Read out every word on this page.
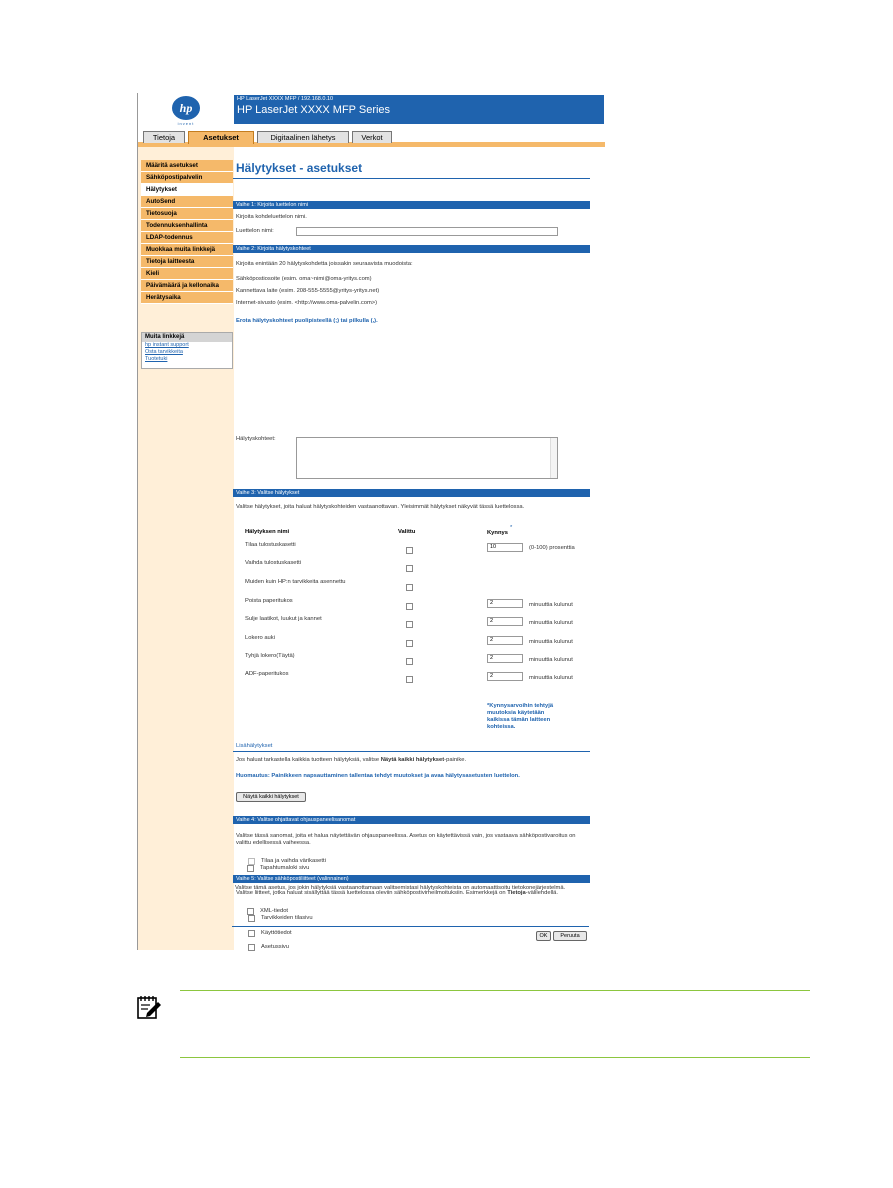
hp
invent
HP LaserJet XXXX MFP / 192.168.0.10
HP LaserJet XXXX MFP Series
Tietoja	Asetukset	Digitaalinen lähetys	Verkot
Määritä asetukset
Sähköpostipalvelin
Hälytykset
AutoSend
Tietosuoja
Todennuksenhallinta
LDAP-todennus
Muokkaa muita linkkejä
Tietoja laitteesta
Kieli
Päivämäärä ja kellonaika
Herätysaika
Muita linkkejä
hp instant support
Osta tarvikkeita
Tuotetuki
Hälytykset - asetukset
Vaihe 1: Kirjoita luettelon nimi
Kirjoita kohdeluettelon nimi.
Luettelon nimi:
Vaihe 2: Kirjoita hälytyskohteet
Kirjoita enintään 20 hälytyskohdetta joissakin seuraavista muodoista:
Sähköpostiosoite (esim. oma~nimi@oma-yritys.com)
Kannettava laite (esim. 208-555-5555@yritys-yritys.net)
Internet-sivusto (esim. <http://www.oma-palvelin.com>)
Erota hälytyskohteet puolipisteellä (;) tai pilkulla (,).
Hälytyskohteet:
Vaihe 3: Valitse hälytykset
Valitse hälytykset, joita haluat hälytyskohteiden vastaanottavan. Yleisimmät hälytykset näkyvät tässä luettelossa.
Hälytyksen nimi	Valittu	Kynnys
*
Tilaa tulostuskasetti	10	(0-100) prosenttia
Vaihda tulostuskasetti
Muiden kuin HP:n tarvikkeita asennettu
Poista paperitukos	2	minuuttia kulunut
Sulje laatikot, luukut ja kannet	2	minuuttia kulunut
Lokero auki	2	minuuttia kulunut
Tyhjä lokero(Täytä)	2	minuuttia kulunut
ADF-paperitukos	2	minuuttia kulunut
*Kynnysarvoihin tehtyjä muutoksia käytetään kaikissa tämän laitteen kohteissa.
Lisähälytykset
Jos haluat tarkastella kaikkia tuotteen hälytyksiä, valitse Näytä kaikki hälytykset-painike.
Huomautus: Painikkeen napsauttaminen tallentaa tehdyt muutokset ja avaa hälytysasetusten luettelon.
Näytä kaikki hälytykset
Vaihe 4: Valitse ohjattavat ohjauspaneelisanomat
Valitse tässä sanomat, joita et halua näytettävän ohjauspaneelissa. Asetus on käytettävissä vain, jos vastaava sähköpostivaroitus on valittu edellisessä vaiheessa.
Tilaa ja vaihda värikasetti
Vaihe 5: Valitse sähköpostiliitteet (valinnainen)
Valitse liitteet, jotka haluat sisällyttää tässä luettelossa oleviin sähköpostivirheilmoituksiin. Esimerkkejä on Tietoja-välilehdellä.
Tarvikkeiden tilasivu
Käyttötiedot
Asetussivu
Tapahtumaloki sivu
Valitse tämä asetus, jos jokin hälytyksiä vastaanottamaan valitsemistasi hälytyskohteista on automaattisoitu tietokonejärjestelmä.
XML-tiedot
OK	Peruuta
